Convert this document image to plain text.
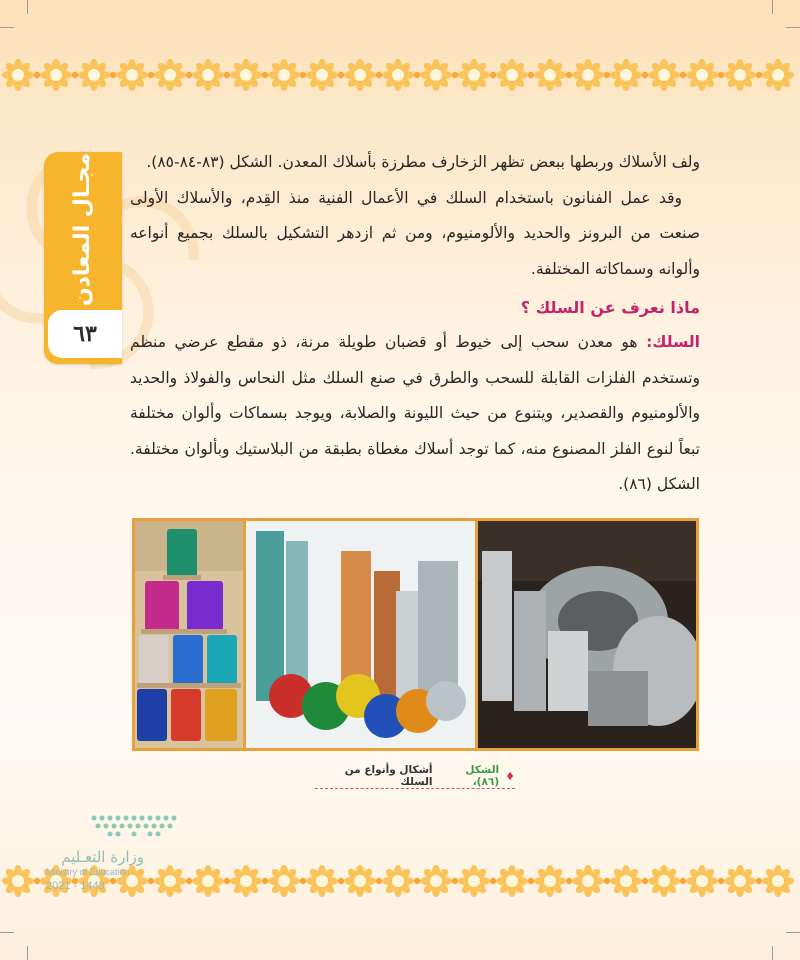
مجـال المعادن
٦٣

ولف الأسلاك وربطها ببعض تظهر الزخارف مطرزة بأسلاك المعدن. الشكل (٨٣-٨٤-٨٥).

وقد عمل الفنانون باستخدام السلك في الأعمال الفنية منذ القِدم، والأسلاك الأولى صنعت من البرونز والحديد والألومنيوم، ومن ثم ازدهر التشكيل بالسلك بجميع أنواعه وألوانه وسماكاته المختلفة.

ماذا نعرف عن السلك ؟
السلك: هو معدن سحب إلى خيوط أو قضبان طويلة مرنة، ذو مقطع عرضي منظم وتستخدم الفلزات القابلة للسحب والطرق في صنع السلك مثل النحاس والفولاذ والحديد والألومنيوم والقصدير، ويتنوع من حيث الليونة والصلابة، ويوجد بسماكات وألوان مختلفة تبعاً لنوع الفلز المصنوع منه، كما توجد أسلاك مغطاة بطبقة من البلاستيك وبألوان مختلفة. الشكل (٨٦).
♦
الشكل (٨٦)،
أشكال وأنواع من السلك
وزارة التعـليم
Ministry of Education
2021 - 1443
